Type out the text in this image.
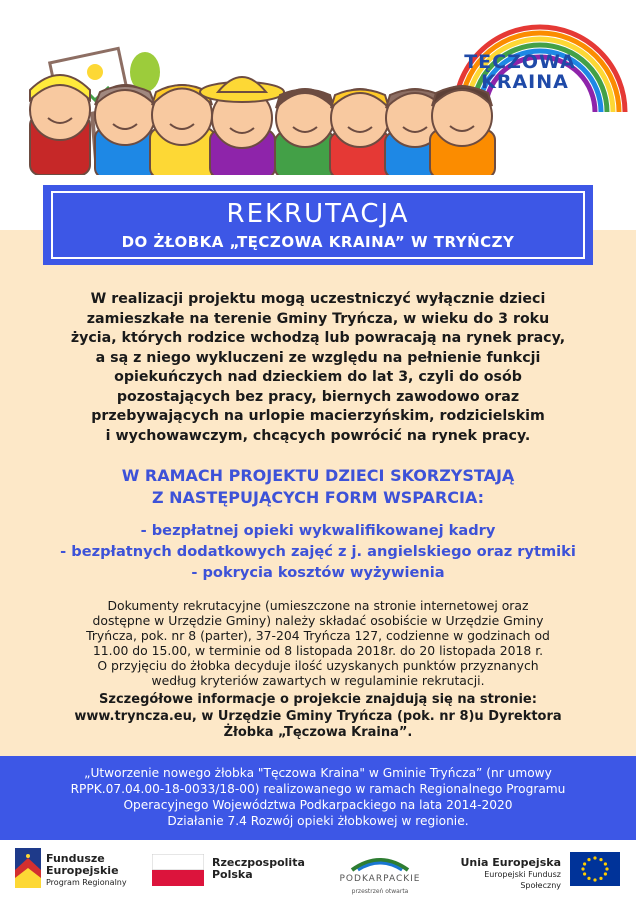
TĘCZOWA
KRAINA
REKRUTACJA
DO ŻŁOBKA „TĘCZOWA KRAINA” W TRYŃCZY
W realizacji projektu mogą uczestniczyć wyłącznie dzieci
zamieszkałe na terenie Gminy Tryńcza, w wieku do 3 roku
życia, których rodzice wchodzą lub powracają na rynek pracy,
a są z niego wykluczeni ze względu na pełnienie funkcji
opiekuńczych nad dzieckiem do lat 3, czyli do osób
pozostających bez pracy, biernych zawodowo oraz
przebywających na urlopie macierzyńskim, rodzicielskim
i wychowawczym, chcących powrócić na rynek pracy.
W RAMACH PROJEKTU DZIECI SKORZYSTAJĄ
Z NASTĘPUJĄCYCH FORM WSPARCIA:
- bezpłatnej opieki wykwalifikowanej kadry
- bezpłatnych dodatkowych zajęć z j. angielskiego oraz rytmiki
- pokrycia kosztów wyżywienia
Dokumenty rekrutacyjne (umieszczone na stronie internetowej oraz
dostępne w Urzędzie Gminy) należy składać osobiście w Urzędzie Gminy
Tryńcza, pok. nr 8 (parter), 37-204 Tryńcza 127, codzienne w godzinach od
11.00 do 15.00, w terminie od 8 listopada 2018r. do 20 listopada 2018 r.
O przyjęciu do żłobka decyduje ilość uzyskanych punktów przyznanych
według kryteriów zawartych w regulaminie rekrutacji.
Szczegółowe informacje o projekcie znajdują się na stronie:
www.tryncza.eu, w Urzędzie Gminy Tryńcza (pok. nr 8)u Dyrektora
Żłobka „Tęczowa Kraina”.
„Utworzenie nowego żłobka "Tęczowa Kraina" w Gminie Tryńcza” (nr umowy
RPPK.07.04.00-18-0033/18-00) realizowanego w ramach Regionalnego Programu
Operacyjnego Województwa Podkarpackiego na lata 2014-2020
Działanie 7.4 Rozwój opieki żłobkowej w regionie.
Fundusze
Europejskie
Program Regionalny
Rzeczpospolita
Polska	PODKARPACKIE
przestrzeń otwarta
Unia Europejska
Europejski Fundusz Społeczny
